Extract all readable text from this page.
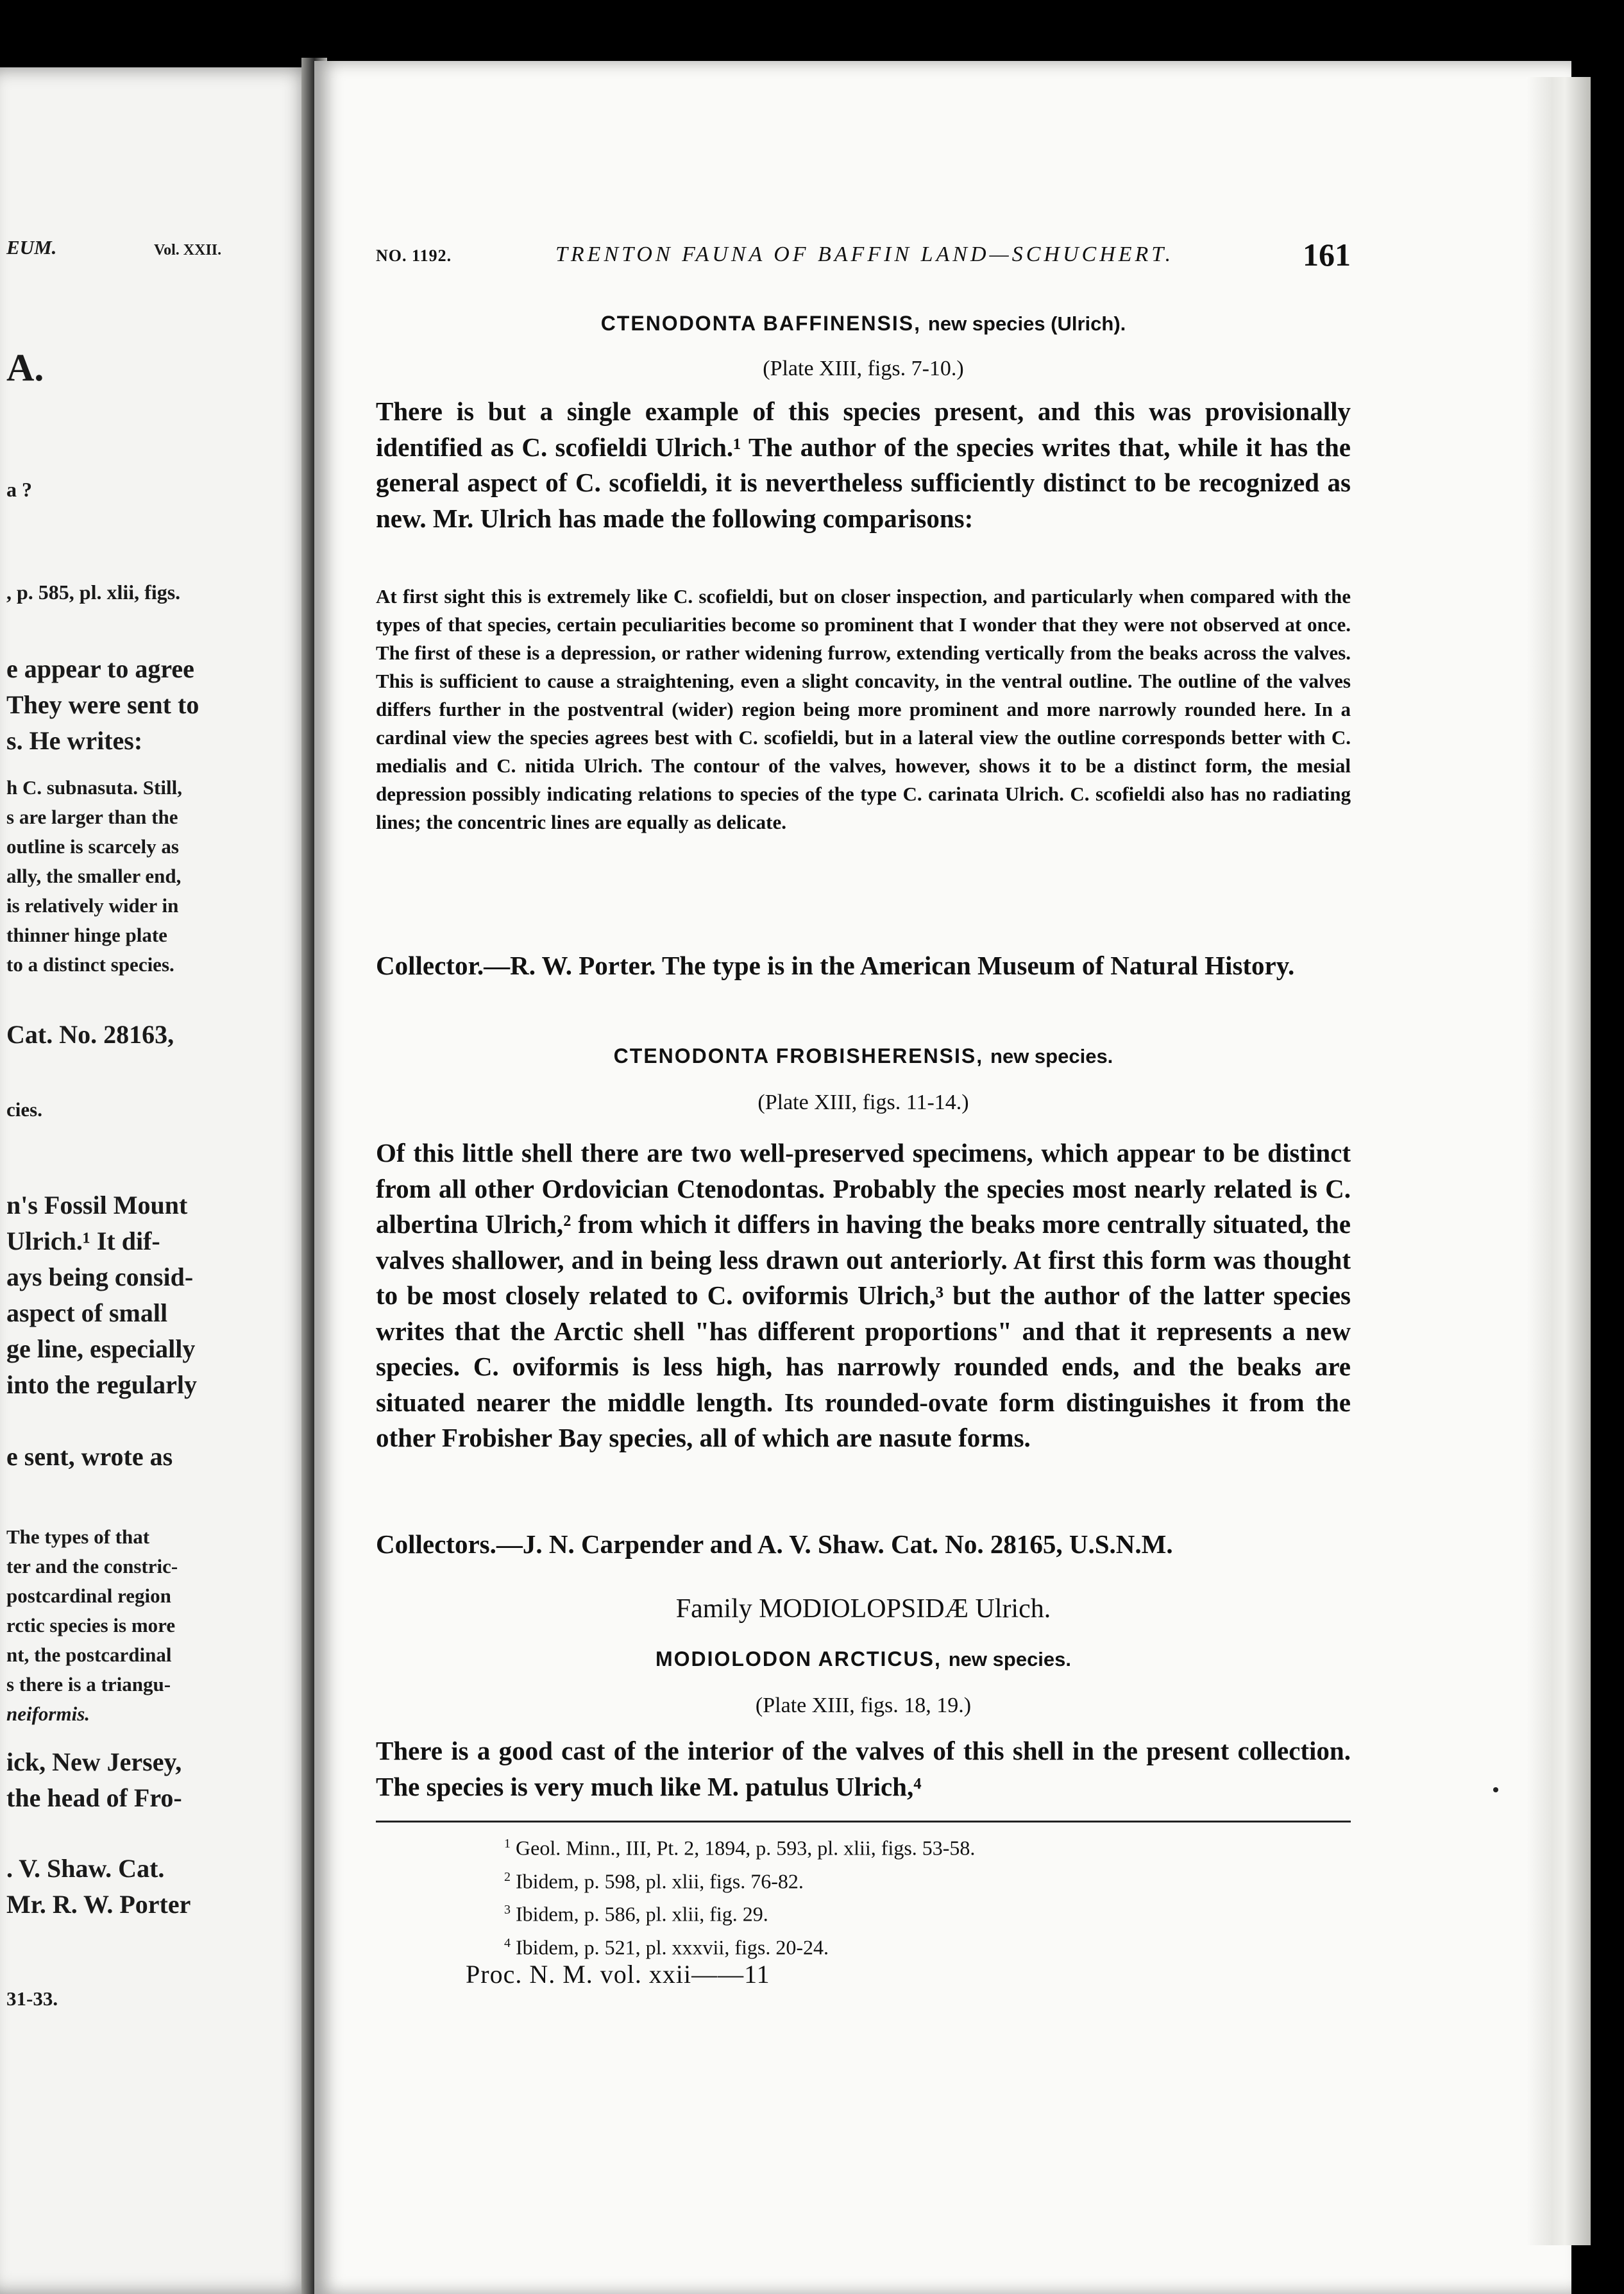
EUM.	Vol. XXII.
A.
a ?
, p. 585, pl. xlii, figs.
e appear to agree
They were sent to
s. He writes:
h C. subnasuta. Still,
s are larger than the
outline is scarcely as
ally, the smaller end,
is relatively wider in
thinner hinge plate
to a distinct species.
Cat. No. 28163,
cies.
n's Fossil Mount
Ulrich.¹ It dif-
ays being consid-
aspect of small
ge line, especially
into the regularly
e sent, wrote as
The types of that
ter and the constric-
postcardinal region
rctic species is more
nt, the postcardinal
s there is a triangu-
neiformis.
ick, New Jersey,
the head of Fro-
. V. Shaw. Cat.
Mr. R. W. Porter
31-33.
NO. 1192.	TRENTON FAUNA OF BAFFIN LAND—SCHUCHERT.	161
CTENODONTA BAFFINENSIS, new species (Ulrich).
(Plate XIII, figs. 7-10.)
There is but a single example of this species present, and this was provisionally identified as C. scofieldi Ulrich.¹ The author of the species writes that, while it has the general aspect of C. scofieldi, it is nevertheless sufficiently distinct to be recognized as new. Mr. Ulrich has made the following comparisons:
At first sight this is extremely like C. scofieldi, but on closer inspection, and particularly when compared with the types of that species, certain peculiarities become so prominent that I wonder that they were not observed at once. The first of these is a depression, or rather widening furrow, extending vertically from the beaks across the valves. This is sufficient to cause a straightening, even a slight concavity, in the ventral outline. The outline of the valves differs further in the postventral (wider) region being more prominent and more narrowly rounded here. In a cardinal view the species agrees best with C. scofieldi, but in a lateral view the outline corresponds better with C. medialis and C. nitida Ulrich. The contour of the valves, however, shows it to be a distinct form, the mesial depression possibly indicating relations to species of the type C. carinata Ulrich. C. scofieldi also has no radiating lines; the concentric lines are equally as delicate.
Collector.—R. W. Porter. The type is in the American Museum of Natural History.
CTENODONTA FROBISHERENSIS, new species.
(Plate XIII, figs. 11-14.)
Of this little shell there are two well-preserved specimens, which appear to be distinct from all other Ordovician Ctenodontas. Probably the species most nearly related is C. albertina Ulrich,² from which it differs in having the beaks more centrally situated, the valves shallower, and in being less drawn out anteriorly. At first this form was thought to be most closely related to C. oviformis Ulrich,³ but the author of the latter species writes that the Arctic shell "has different proportions" and that it represents a new species. C. oviformis is less high, has narrowly rounded ends, and the beaks are situated nearer the middle length. Its rounded-ovate form distinguishes it from the other Frobisher Bay species, all of which are nasute forms.
Collectors.—J. N. Carpender and A. V. Shaw. Cat. No. 28165, U.S.N.M.
Family MODIOLOPSIDÆ Ulrich.
MODIOLODON ARCTICUS, new species.
(Plate XIII, figs. 18, 19.)
There is a good cast of the interior of the valves of this shell in the present collection. The species is very much like M. patulus Ulrich,⁴
$^1$ Geol. Minn., III, Pt. 2, 1894, p. 593, pl. xlii, figs. 53-58.
$^2$ Ibidem, p. 598, pl. xlii, figs. 76-82.
$^3$ Ibidem, p. 586, pl. xlii, fig. 29.
$^4$ Ibidem, p. 521, pl. xxxvii, figs. 20-24.
Proc. N. M. vol. xxii——11
